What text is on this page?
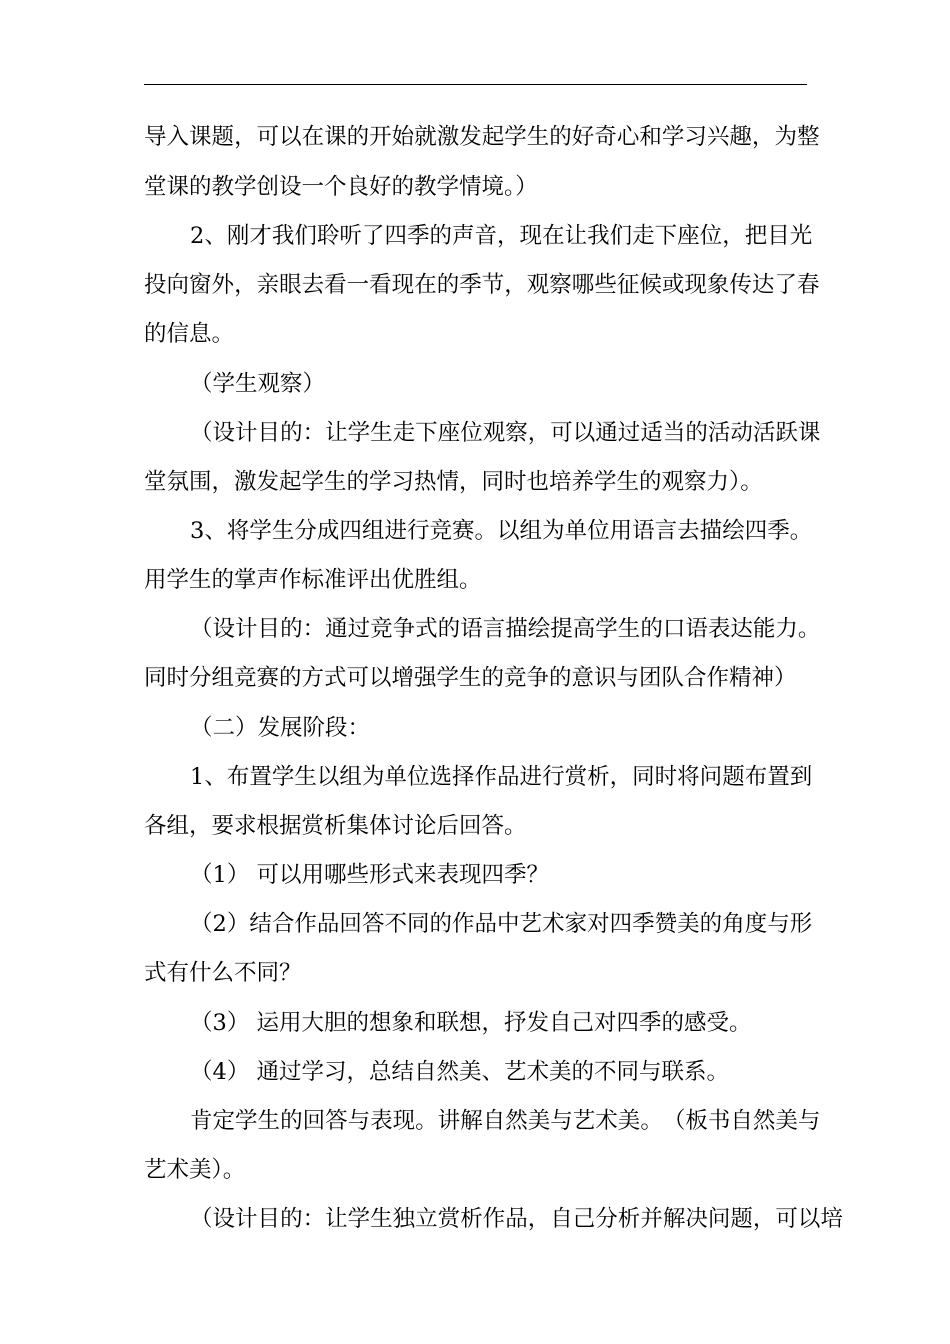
导 入 课 题 ， 可 以 在 课 的 开 始 就 激 发 起 学 生 的 好 奇 心 和 学 习 兴 趣 ， 为 整
堂课的教学创设一个良好的教学情境。）
2 、 刚 才 我 们 聆 听 了 四 季 的 声 音 ， 现 在 让 我 们 走 下 座 位 ， 把 目 光
投 向 窗 外 ， 亲 眼 去 看 一 看 现 在 的 季 节 ， 观 察 哪 些 征 候 或 现 象 传 达 了 春
的信息。
（学生观察）
（ 设 计 目 的 ： 让 学 生 走 下 座 位 观 察 ， 可 以 通 过 适 当 的 活 动 活 跃 课
堂氛围，激发起学生的学习热情，同时也培养学生的观察力）。
3 、 将 学 生 分 成 四 组 进 行 竞 赛 。 以 组 为 单 位 用 语 言 去 描 绘 四 季 。
用学生的掌声作标准评出优胜组。
（ 设 计 目 的 ： 通 过 竞 争 式 的 语 言 描 绘 提 高 学 生 的 口 语 表 达 能 力 。
同时分组竞赛的方式可以增强学生的竞争的意识与团队合作精神）
（二）发展阶段：
1 、 布 置 学 生 以 组 为 单 位 选 择 作 品 进 行 赏 析 ， 同 时 将 问 题 布 置 到
各组，要求根据赏析集体讨论后回答。
（1） 可以用哪些形式来表现四季？
（ 2 ） 结 合 作 品 回 答 不 同 的 作 品 中 艺 术 家 对 四 季 赞 美 的 角 度 与 形
式有什么不同？
（3） 运用大胆的想象和联想，抒发自己对四季的感受。
（4） 通过学习，总结自然美、艺术美的不同与联系。
肯 定 学 生 的 回 答 与 表 现 。 讲 解 自 然 美 与 艺 术 美 。 （ 板 书 自 然 美 与
艺术美）。
（ 设 计 目 的 ： 让 学 生 独 立 赏 析 作 品 ， 自 己 分 析 并 解 决 问 题 ， 可 以 培
